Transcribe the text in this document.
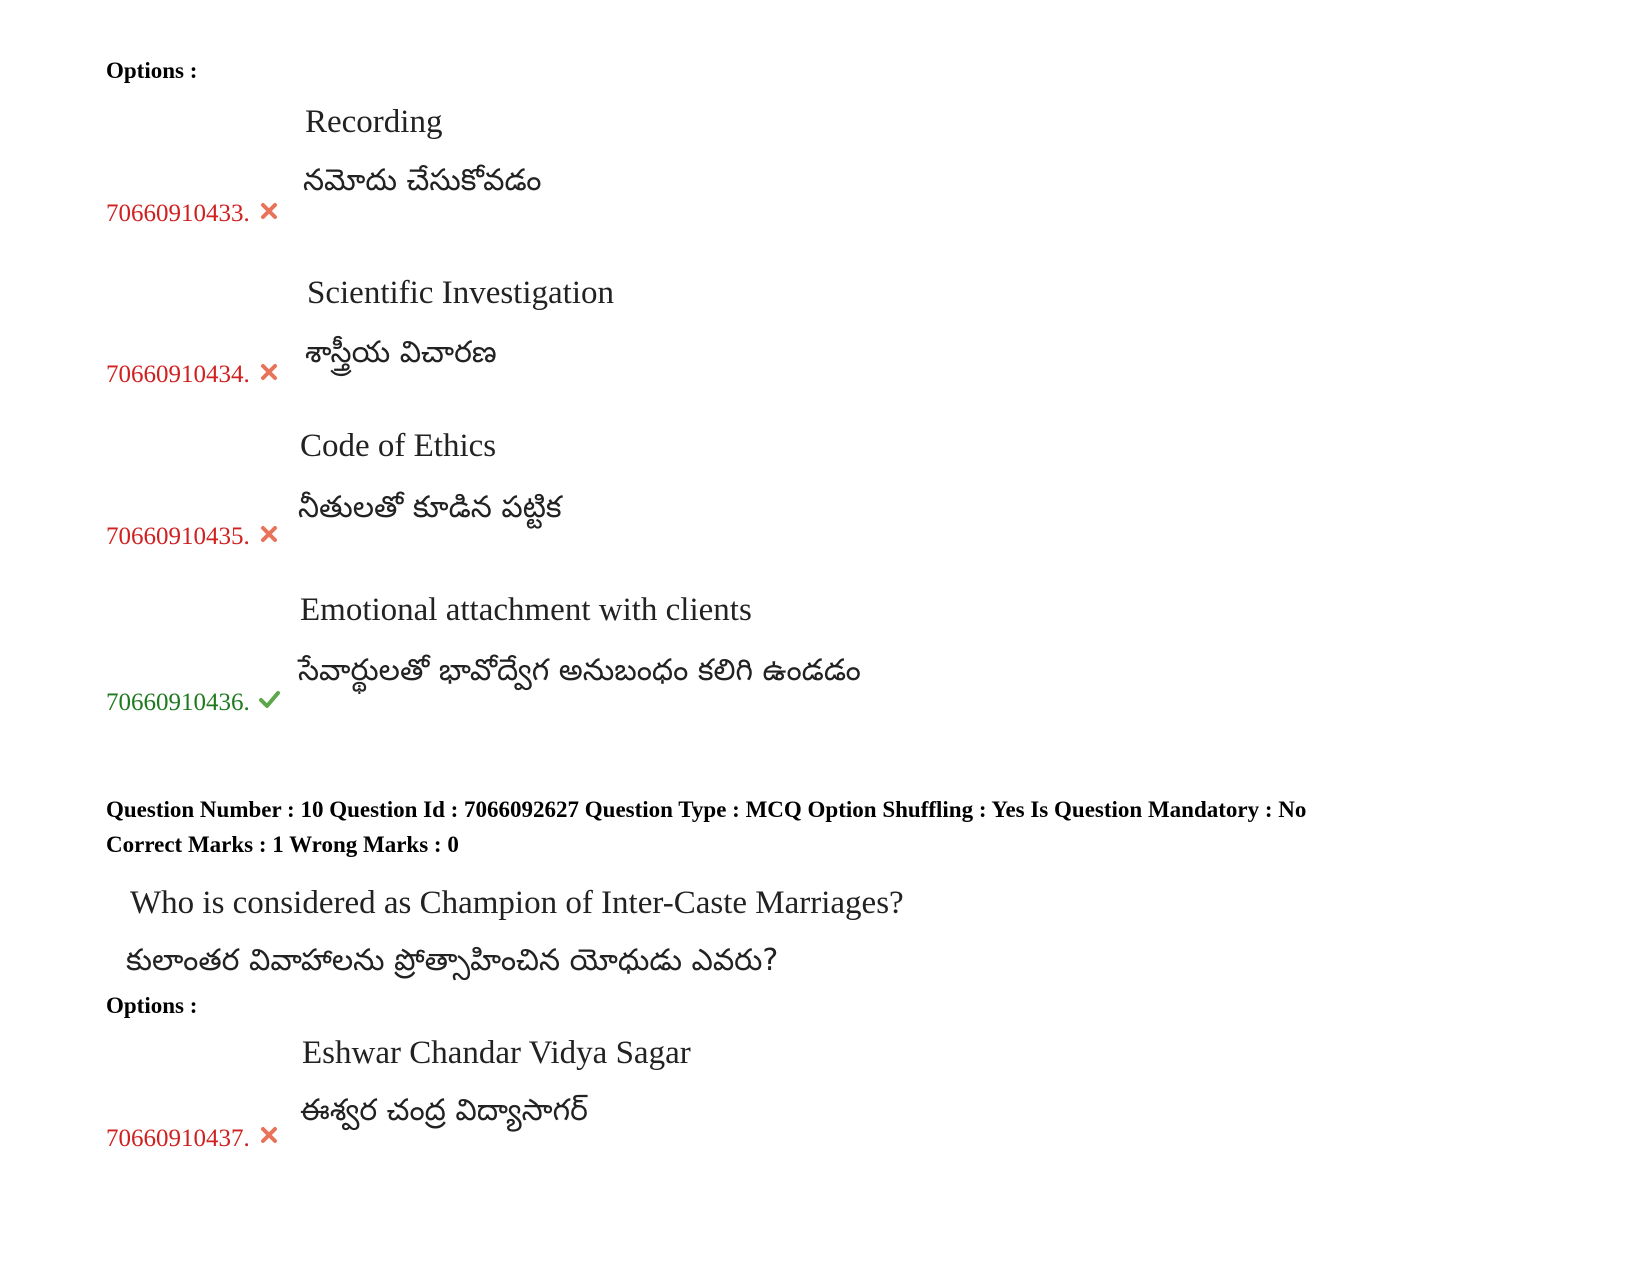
Options :
Recording
నమోదు చేసుకోవడం
70660910433.
Scientific Investigation
శాస్త్రీయ విచారణ
70660910434.
Code of Ethics
నీతులతో కూడిన పట్టిక
70660910435.
Emotional attachment with clients
సేవార్థులతో భావోద్వేగ అనుబంధం కలిగి ఉండడం
70660910436.
Question Number : 10 Question Id : 7066092627 Question Type : MCQ Option Shuffling : Yes Is Question Mandatory : No
Correct Marks : 1 Wrong Marks : 0
Who is considered as Champion of Inter-Caste Marriages?
కులాంతర వివాహాలను ప్రోత్సాహించిన యోధుడు ఎవరు?
Options :
Eshwar Chandar Vidya Sagar
ఈశ్వర చంద్ర విద్యాసాగర్
70660910437.
